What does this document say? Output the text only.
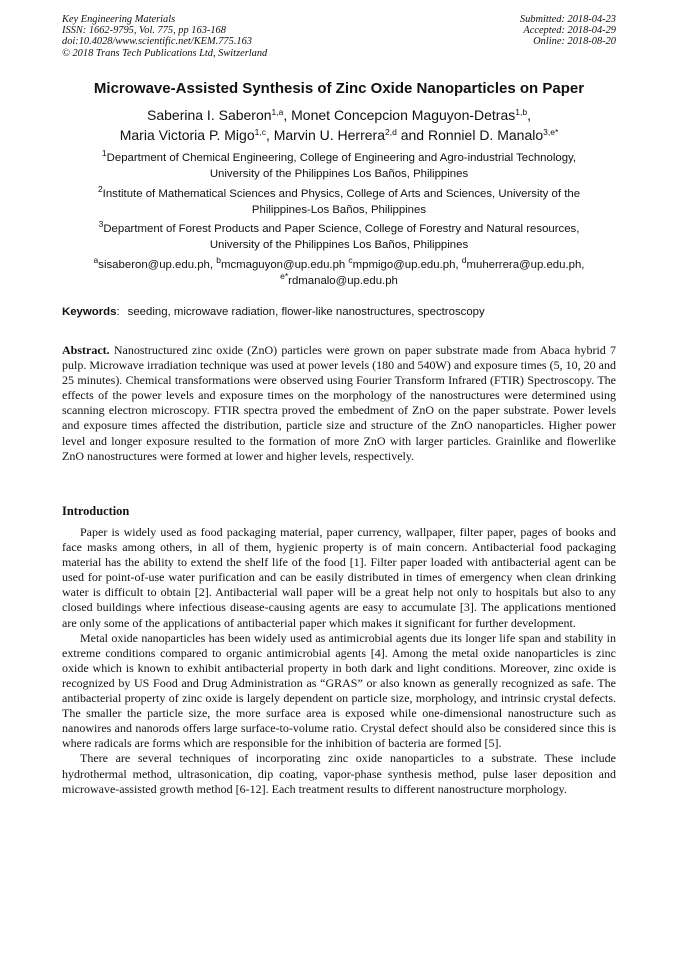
Key Engineering Materials
ISSN: 1662-9795, Vol. 775, pp 163-168
doi:10.4028/www.scientific.net/KEM.775.163
© 2018 Trans Tech Publications Ltd, Switzerland
Submitted: 2018-04-23
Accepted: 2018-04-29
Online: 2018-08-20
Microwave-Assisted Synthesis of Zinc Oxide Nanoparticles on Paper
Saberina I. Saberon$^{1,a}$, Monet Concepcion Maguyon-Detras$^{1,b}$,
Maria Victoria P. Migo$^{1,c}$, Marvin U. Herrera$^{2,d}$ and Ronniel D. Manalo$^{3,e*}$
$^1$Department of Chemical Engineering, College of Engineering and Agro-industrial Technology,
University of the Philippines Los Baños, Philippines
$^2$Institute of Mathematical Sciences and Physics, College of Arts and Sciences, University of the
Philippines-Los Baños, Philippines
$^3$Department of Forest Products and Paper Science, College of Forestry and Natural resources,
University of the Philippines Los Baños, Philippines
$^a$sisaberon@up.edu.ph, $^b$mcmaguyon@up.edu.ph $^c$mpmigo@up.edu.ph, $^d$muherrera@up.edu.ph,
$^{e*}$rdmanalo@up.edu.ph
Keywords: seeding, microwave radiation, flower-like nanostructures, spectroscopy
Abstract. Nanostructured zinc oxide (ZnO) particles were grown on paper substrate made from Abaca hybrid 7 pulp. Microwave irradiation technique was used at power levels (180 and 540W) and exposure times (5, 10, 20 and 25 minutes). Chemical transformations were observed using Fourier Transform Infrared (FTIR) Spectroscopy. The effects of the power levels and exposure times on the morphology of the nanostructures were determined using scanning electron microscopy. FTIR spectra proved the embedment of ZnO on the paper substrate. Power levels and exposure times affected the distribution, particle size and structure of the ZnO nanoparticles. Higher power level and longer exposure resulted to the formation of more ZnO with larger particles. Grainlike and flowerlike ZnO nanostructures were formed at lower and higher levels, respectively.
Introduction

Paper is widely used as food packaging material, paper currency, wallpaper, filter paper, pages of books and face masks among others, in all of them, hygienic property is of main concern. Antibacterial food packaging material has the ability to extend the shelf life of the food [1]. Filter paper loaded with antibacterial agent can be used for point-of-use water purification and can be easily distributed in times of emergency when clean drinking water is difficult to obtain [2]. Antibacterial wall paper will be a great help not only to hospitals but also to any closed buildings where infectious disease-causing agents are easy to accumulate [3]. The applications mentioned are only some of the applications of antibacterial paper which makes it significant for further development.

Metal oxide nanoparticles has been widely used as antimicrobial agents due its longer life span and stability in extreme conditions compared to organic antimicrobial agents [4]. Among the metal oxide nanoparticles is zinc oxide which is known to exhibit antibacterial property in both dark and light conditions. Moreover, zinc oxide is recognized by US Food and Drug Administration as “GRAS” or also known as generally recognized as safe. The antibacterial property of zinc oxide is largely dependent on particle size, morphology, and intrinsic crystal defects. The smaller the particle size, the more surface area is exposed while one-dimensional nanostructure such as nanowires and nanorods offers large surface-to-volume ratio. Crystal defect should also be considered since this is where radicals are forms which are responsible for the inhibition of bacteria are formed [5].

There are several techniques of incorporating zinc oxide nanoparticles to a substrate. These include hydrothermal method, ultrasonication, dip coating, vapor-phase synthesis method, pulse laser deposition and microwave-assisted growth method [6-12]. Each treatment results to different nanostructure morphology.
